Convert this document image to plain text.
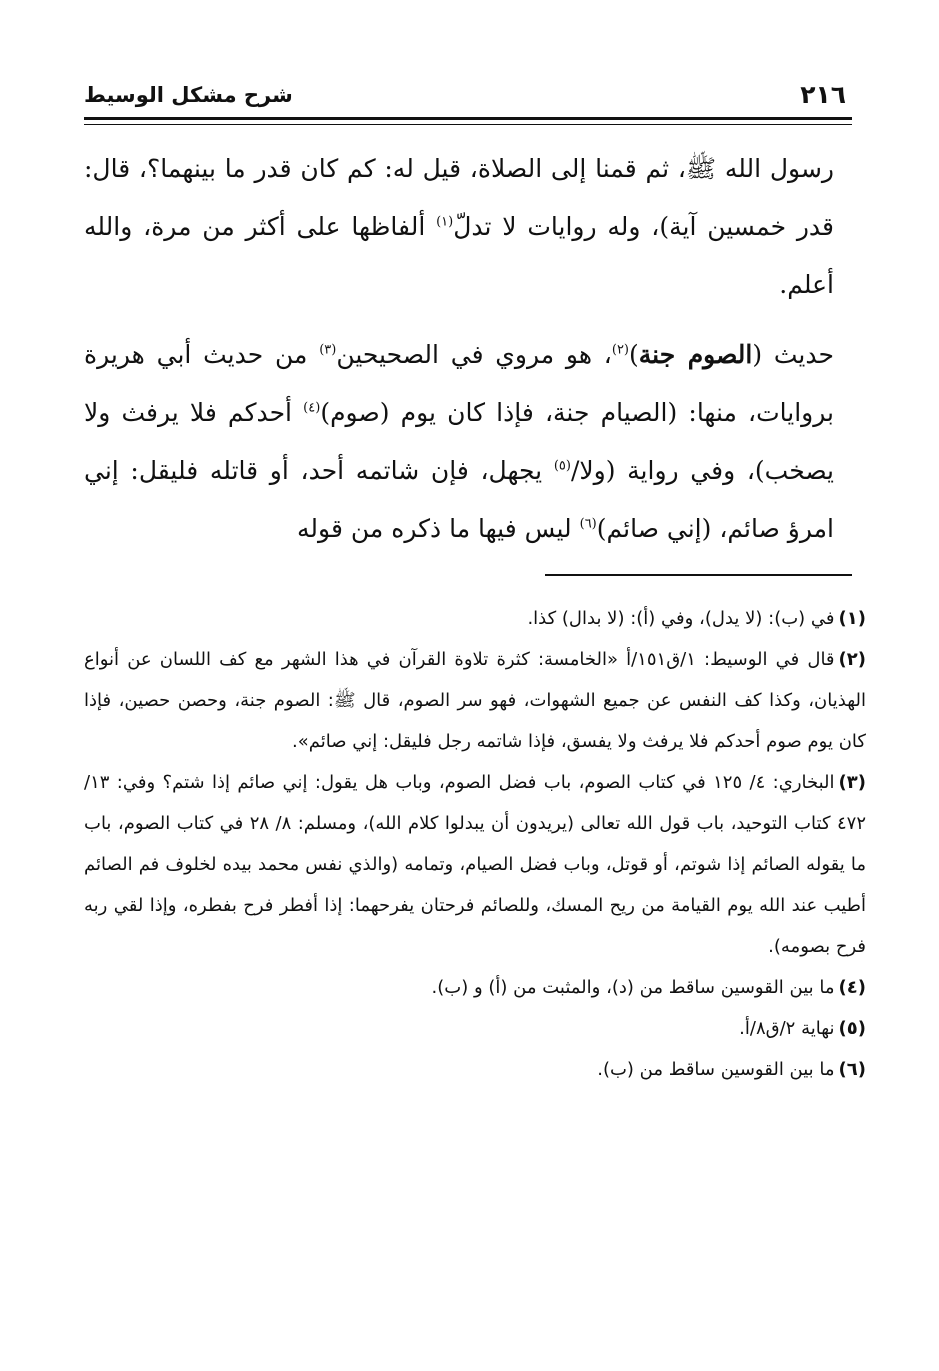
٢١٦
شرح مشكل الوسيط

رسول الله ﷺ، ثم قمنا إلى الصلاة، قيل له: كم كان قدر ما بينهما؟، قال: قدر خمسين آية)، وله روايات لا تدلّ$^{(١)}$ ألفاظها على أكثر من مرة، والله أعلم.

حديث (الصوم جنة)$^{(٢)}$، هو مروي في الصحيحين$^{(٣)}$ من حديث أبي هريرة بروايات، منها: (الصيام جنة، فإذا كان يوم (صوم)$^{(٤)}$ أحدكم فلا يرفث ولا يصخب)، وفي رواية (ولا/$^{(٥)}$ يجهل، فإن شاتمه أحد، أو قاتله فليقل: إني امرؤ صائم، (إني صائم)$^{(٦)}$ ليس فيها ما ذكره من قوله

(١)في (ب): (لا يدل)، وفي (أ): (لا بدال) كذا.

(٢)قال في الوسيط: ١/ق١٥١/أ «الخامسة: كثرة تلاوة القرآن في هذا الشهر مع كف اللسان عن أنواع الهذيان، وكذا كف النفس عن جميع الشهوات، فهو سر الصوم، قال ﷺ: الصوم جنة، وحصن حصين، فإذا كان يوم صوم أحدكم فلا يرفث ولا يفسق، فإذا شاتمه رجل فليقل: إني صائم».

(٣)البخاري: ٤/ ١٢٥ في كتاب الصوم، باب فضل الصوم، وباب هل يقول: إني صائم إذا شتم؟ وفي: ١٣/ ٤٧٢ كتاب التوحيد، باب قول الله تعالى (يريدون أن يبدلوا كلام الله)، ومسلم: ٨/ ٢٨ في كتاب الصوم، باب ما يقوله الصائم إذا شوتم، أو قوتل، وباب فضل الصيام، وتمامه (والذي نفس محمد بيده لخلوف فم الصائم أطيب عند الله يوم القيامة من ريح المسك، وللصائم فرحتان يفرحهما: إذا أفطر فرح بفطره، وإذا لقي ربه فرح بصومه).

(٤)ما بين القوسين ساقط من (د)، والمثبت من (أ) و (ب).

(٥)نهاية ٢/ق٨/أ.

(٦)ما بين القوسين ساقط من (ب).
